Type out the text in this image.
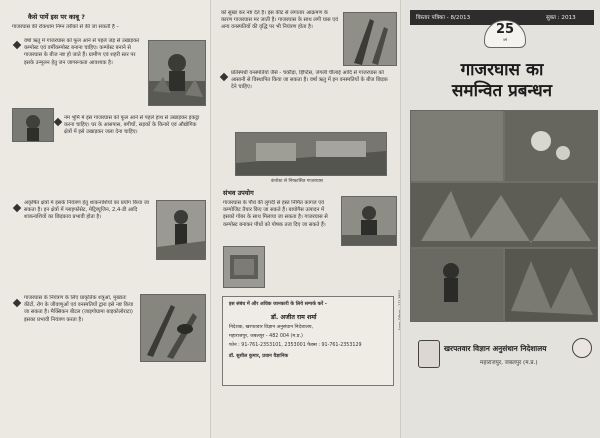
कैसे पायें इस पर काबू ?
गाजरघास की रोकथाम निम्न तरीकों से की जा सकती है –
वर्षा ऋतु में गाजरघास को फूल आने से पहले जड़ से उखाड़कर कम्पोस्ट एवं वर्मीकम्पोस्ट बनाना चाहिए। कम्पोस्ट बनाने से गाजरघास के बीज नष्ट हो जाते हैं। ग्रामीण एवं शहरी स्तर पर इसके उन्मूलन हेतु जन जागरूकता आवश्यक है।
नम भूमि में इस गाजरघास को फूल आने से पहले हाथ से उखाड़कर इकट्ठा करना चाहिए। घर के आसपास, बगीचों, सड़कों के किनारे एवं औद्योगिक क्षेत्रों में इसे उखाड़कर जला देना चाहिए।
अकृषित क्षेत्रों में इसके नियंत्रण हेतु शाकनाशियों का प्रयोग किया जा सकता है। इन क्षेत्रों में ग्लाइफोसेट, मेट्रिब्यूजिन, 2,4-डी आदि शाकनाशियों का छिड़काव प्रभावी होता है।
गाजरघास के नियंत्रण के लिए प्राकृतिक शत्रुओं, मुख्यतः कीटों, रोग के जीवाणुओं एवं वनस्पतियों द्वारा इसे नष्ट किया जा सकता है। मैक्सिकन बीटल (जाइगोग्रामा बाइकोलोराटा) इसका प्रभावी नियंत्रण करता है।
को सुखा कर नष्ट देते हैं। इस कीट से लगातार आक्रमण के कारण गाजरघास मर जाती है। गाजरघास के साथ लगी घास एवं अन्य वनस्पतियों की वृद्धि पर भी नियंत्रण होता है।
प्रतिस्पर्धी वनस्पतियों जैसे - चकौड़ा, हिप्टिस, जंगली चौलाई आदि से गाजरघास को आसानी से विस्थापित किया जा सकता है। वर्षा ऋतु में इन वनस्पतियों के बीज छिड़क देने चाहिए।
कंपोस्ट से निष्कासित गाजरघास
संभव उपयोग
गाजरघास के पौधे की लुगदी से हस्त निर्मित कागज एवं कम्पोजिट तैयार किए जा सकते हैं। बायोगैस उत्पादन में इसको गोबर के साथ मिलाया जा सकता है। गाजरघास से कम्पोस्ट बनाकर पौधों को पोषक तत्व दिए जा सकते हैं।
इस संबंध में और अधिक जानकारी के लिये सम्पर्क करें -
डॉ. अजीत राम शर्मा
निदेशक, खरपतवार विज्ञान अनुसंधान निदेशालय,
महाराजपुर, जबलपुर - 482 004 (म.प्र.)
फोन : 91-761-2353101, 2353001 फैक्स : 91-761-2353129
डॉ. सुशील कुमार, प्रधान वैज्ञानिक
विस्तार पत्रिका - 8/2013	सुक्त : 2013
25
वर्ष
गाजरघास का
समन्वित प्रबन्धन
खरपतवार विज्ञान अनुसंधान निदेशालय
महाराजपुर, जबलपुर (म.प्र.)
